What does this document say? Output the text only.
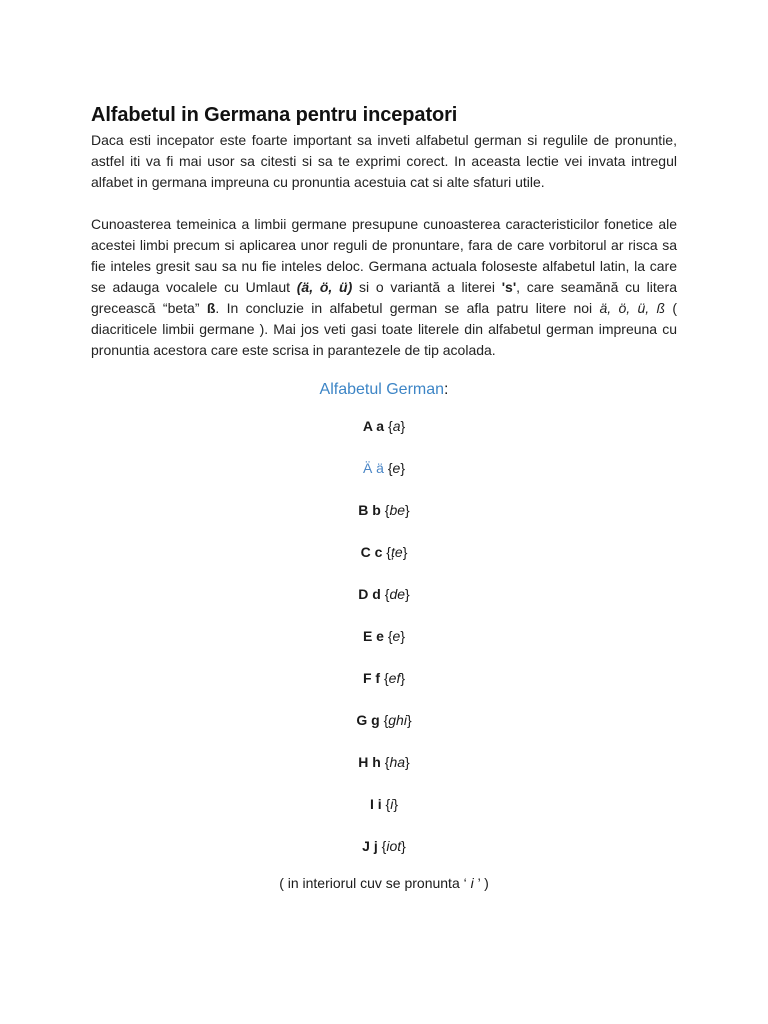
Alfabetul in Germana pentru incepatori

Daca esti incepator este foarte important sa inveti alfabetul german si regulile de pronuntie, astfel iti va fi mai usor sa citesti si sa te exprimi corect. In aceasta lectie vei invata intregul alfabet in germana impreuna cu pronuntia acestuia cat si alte sfaturi utile.

Cunoasterea temeinica a limbii germane presupune cunoasterea caracteristicilor fonetice ale acestei limbi precum si aplicarea unor reguli de pronuntare, fara de care vorbitorul ar risca sa fie inteles gresit sau sa nu fie inteles deloc. Germana actuala foloseste alfabetul latin, la care se adauga vocalele cu Umlaut (ä, ö, ü) si o variantă a literei 's', care seamănă cu litera grecească “beta” ß. In concluzie in alfabetul german se afla patru litere noi ä, ö, ü, ß ( diacriticele limbii germane ). Mai jos veti gasi toate literele din alfabetul german impreuna cu pronuntia acestora care este scrisa in parantezele de tip acolada.

Alfabetul German:
A a {a}
Ä ä {e}
B b {be}
C c {țe}
D d {de}
E e {e}
F f {ef}
G g {ghi}
H h {ha}
I i {i}
J j {iot}
( in interiorul cuv se pronunta ‘ i ’ )
